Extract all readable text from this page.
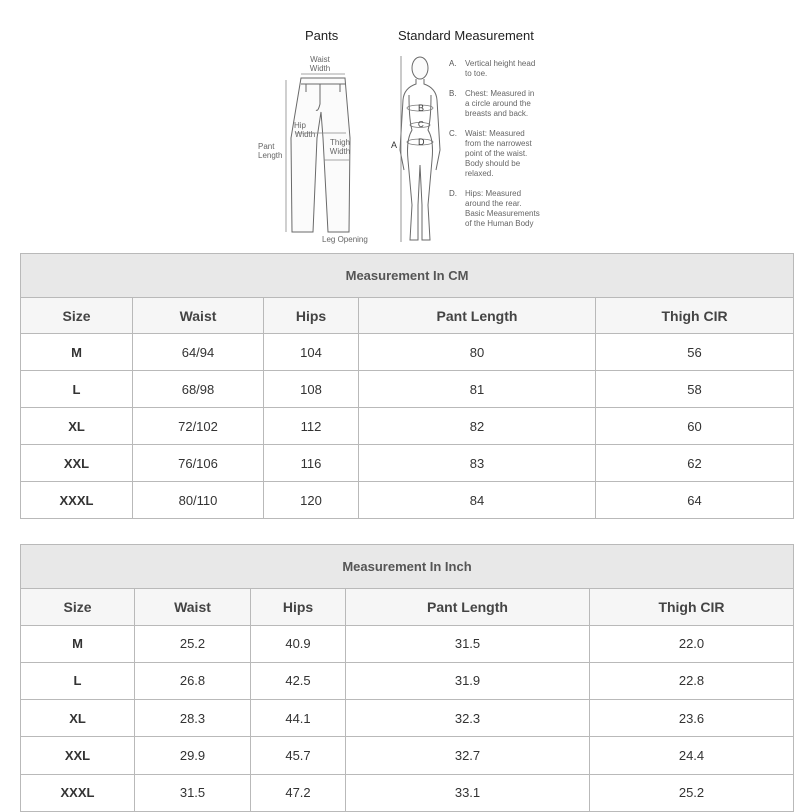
Pants
Waist
Width
Hip
Width
Pant
Length
Thigh
Width
Leg Opening
A
B
C
D
Standard Measurement
A. Vertical height head
to toe.
B. Chest: Measured in
a circle around the
breasts and back.
C. Waist: Measured
from the narrowest
point of the waist.
Body should be
relaxed.
D. Hips: Measured
around the rear.
Basic Measurements
of the Human Body
Measurement In CM				
Size	Waist	Hips	Pant Length	Thigh CIR
M	64/94	104	80	56
L	68/98	108	81	58
XL	72/102	112	82	60
XXL	76/106	116	83	62
XXXL	80/110	120	84	64
Measurement In Inch				
Size	Waist	Hips	Pant Length	Thigh CIR
M	25.2	40.9	31.5	22.0
L	26.8	42.5	31.9	22.8
XL	28.3	44.1	32.3	23.6
XXL	29.9	45.7	32.7	24.4
XXXL	31.5	47.2	33.1	25.2
